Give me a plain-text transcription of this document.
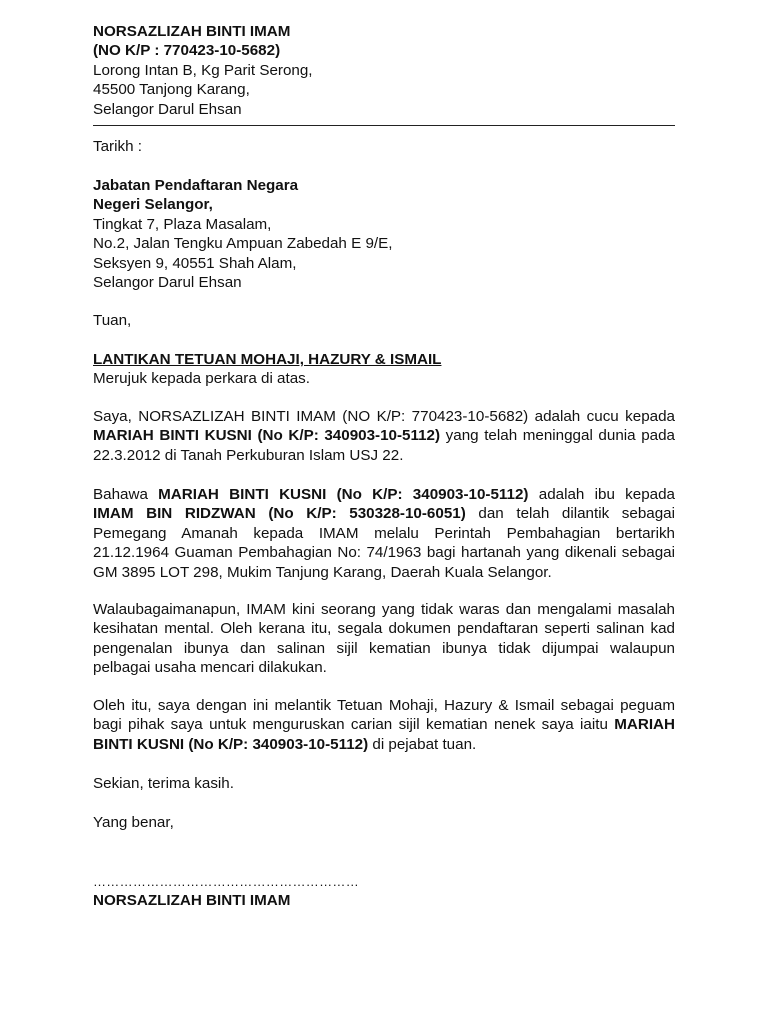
NORSAZLIZAH BINTI IMAM
(NO K/P : 770423-10-5682)
Lorong Intan B, Kg Parit Serong,
45500 Tanjong Karang,
Selangor Darul Ehsan
Tarikh :
Jabatan Pendaftaran Negara
Negeri Selangor,
Tingkat 7, Plaza Masalam,
No.2, Jalan Tengku Ampuan Zabedah E 9/E,
Seksyen 9, 40551 Shah Alam,
Selangor Darul Ehsan
Tuan,
LANTIKAN TETUAN MOHAJI, HAZURY & ISMAIL
Merujuk kepada perkara di atas.
Saya, NORSAZLIZAH BINTI IMAM (NO K/P: 770423-10-5682) adalah cucu kepada
MARIAH BINTI KUSNI (No K/P: 340903-10-5112) yang telah meninggal dunia pada
22.3.2012 di Tanah Perkuburan Islam USJ 22.
Bahawa MARIAH BINTI KUSNI (No K/P: 340903-10-5112) adalah ibu kepada
IMAM BIN RIDZWAN (No K/P: 530328-10-6051) dan telah dilantik sebagai
Pemegang Amanah kepada IMAM melalu Perintah Pembahagian bertarikh
21.12.1964 Guaman Pembahagian No: 74/1963 bagi hartanah yang dikenali sebagai
GM 3895 LOT 298, Mukim Tanjung Karang, Daerah Kuala Selangor.
Walaubagaimanapun, IMAM kini seorang yang tidak waras dan mengalami masalah
kesihatan mental. Oleh kerana itu, segala dokumen pendaftaran seperti salinan kad
pengenalan ibunya dan salinan sijil kematian ibunya tidak dijumpai walaupun
pelbagai usaha mencari dilakukan.
Oleh itu, saya dengan ini melantik Tetuan Mohaji, Hazury & Ismail sebagai peguam
bagi pihak saya untuk menguruskan carian sijil kematian nenek saya iaitu MARIAH
BINTI KUSNI (No K/P: 340903-10-5112) di pejabat tuan.
Sekian, terima kasih.
Yang benar,
……………………………………………………
NORSAZLIZAH BINTI IMAM
